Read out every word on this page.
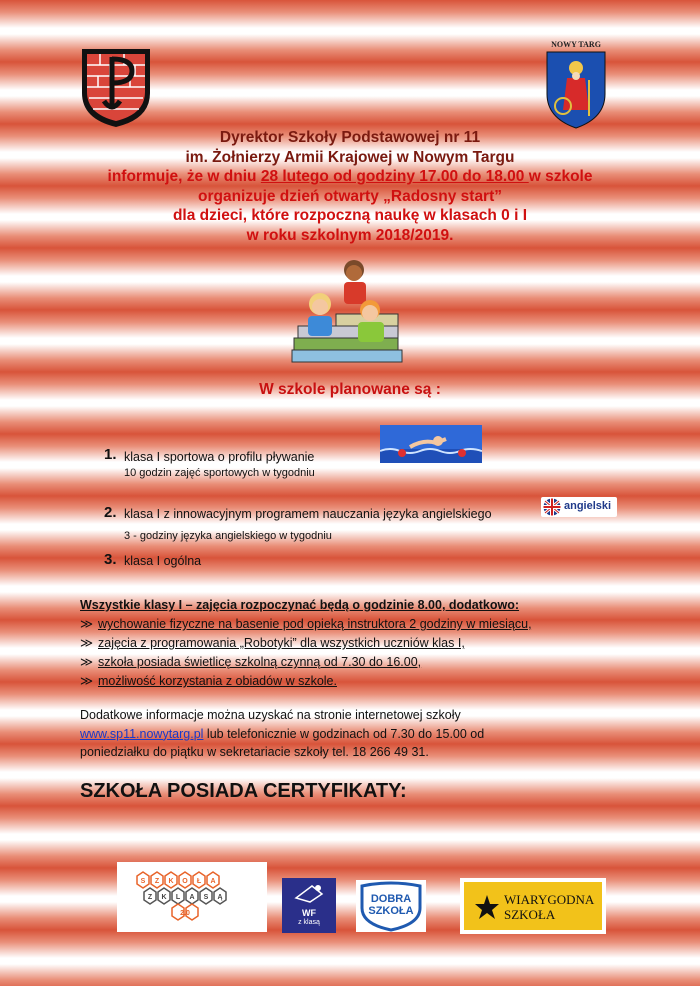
NOWY TARG
Dyrektor Szkoły Podstawowej nr 11
im. Żołnierzy Armii Krajowej w Nowym Targu
informuje, że w dniu 28 lutego od godziny 17.00 do 18.00 w szkole
organizuje dzień otwarty „Radosny start”
dla dzieci, które rozpoczną naukę w klasach 0 i I
w roku szkolnym 2018/2019.
W szkole planowane są :
1. klasa I sportowa o profilu pływanie
10 godzin zajęć sportowych w tygodniu
2. klasa I z innowacyjnym programem nauczania języka angielskiego
3 - godziny języka angielskiego w tygodniu
angielski
3. klasa I ogólna
Wszystkie klasy I – zajęcia rozpoczynać będą o godzinie 8.00, dodatkowo:
≫ wychowanie fizyczne na basenie pod opieką instruktora 2 godziny w miesiącu,
≫ zajęcia z programowania „Robotyki” dla wszystkich uczniów klas I,
≫ szkoła posiada świetlicę szkolną czynną od 7.30 do 16.00,
≫ możliwość korzystania z obiadów w szkole.
Dodatkowe informacje można uzyskać na stronie internetowej szkoły
www.sp11.nowytarg.pl lub telefonicznie w godzinach od 7.30 do 15.00 od
poniedziałku do piątku w sekretariacie szkoły tel. 18 266 49 31.
SZKOŁA POSIADA CERTYFIKATY:
S Z K O Ł A
Z K L A S Ą
2.0	WF
z klasą
DOBRA
SZKOŁA
WIARYGODNA
SZKOŁA
